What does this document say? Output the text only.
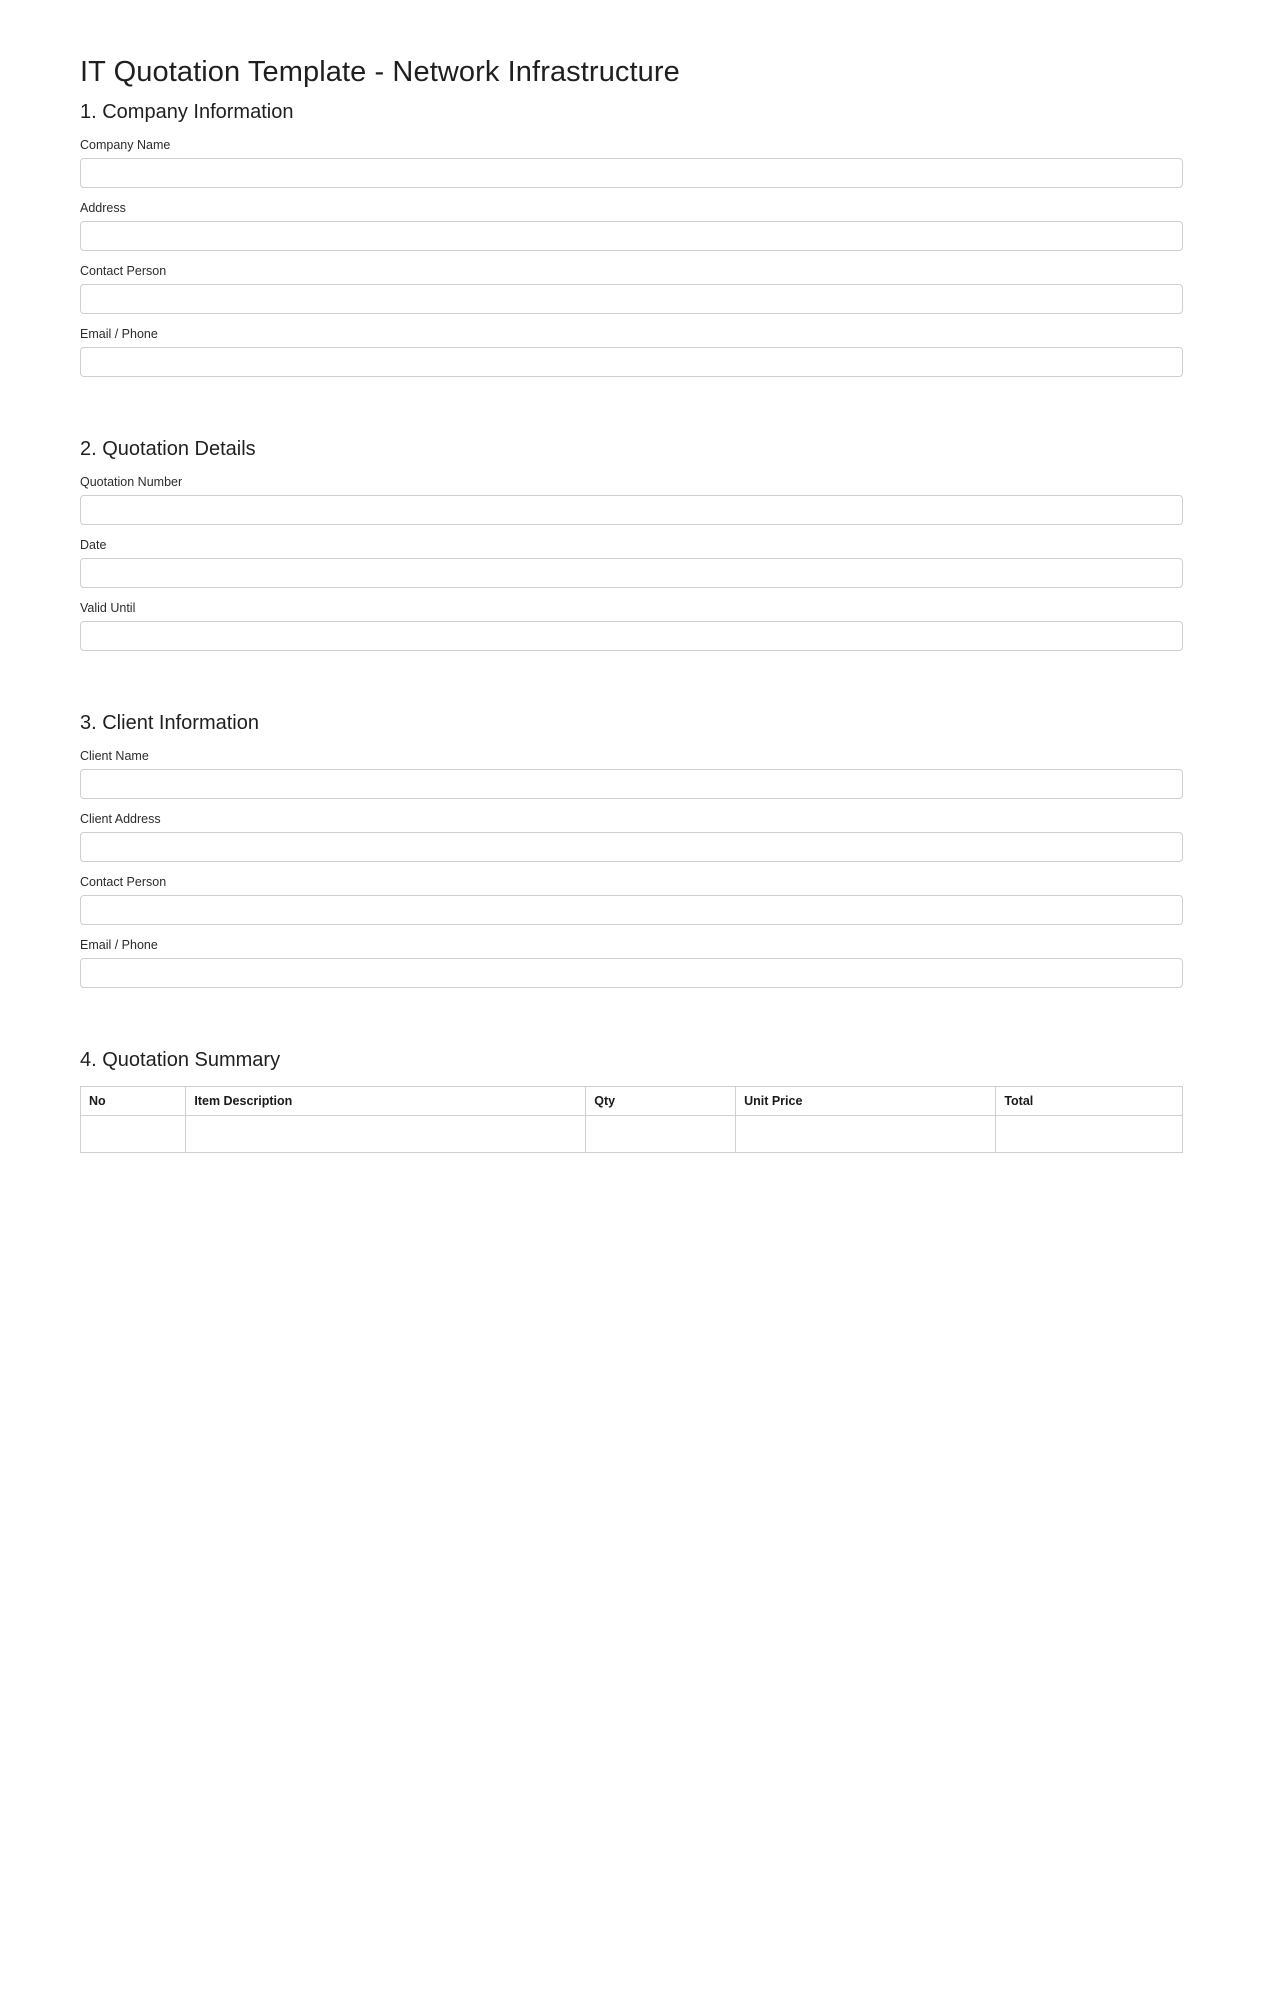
IT Quotation Template - Network Infrastructure
1. Company Information
Company Name
Address
Contact Person
Email / Phone
2. Quotation Details
Quotation Number
Date
Valid Until
3. Client Information
Client Name
Client Address
Contact Person
Email / Phone
4. Quotation Summary
No	Item Description	Qty	Unit Price	Total
